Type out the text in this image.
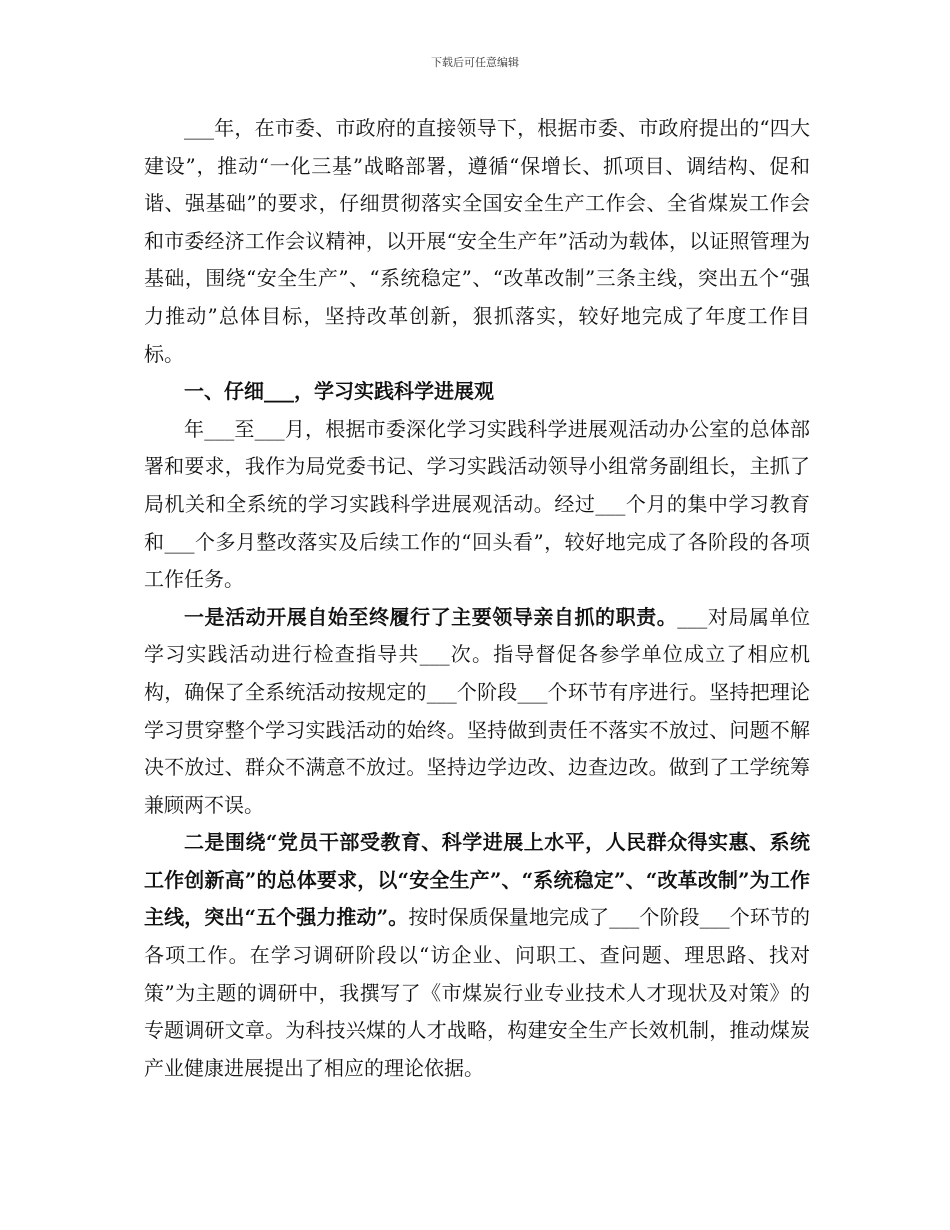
下载后可任意编辑

___年，在市委、市政府的直接领导下，根据市委、市政府提出的“四大建设”，推动“一化三基”战略部署，遵循“保增长、抓项目、调结构、促和谐、强基础”的要求，仔细贯彻落实全国安全生产工作会、全省煤炭工作会和市委经济工作会议精神，以开展“安全生产年”活动为载体，以证照管理为基础，围绕“安全生产”、“系统稳定”、“改革改制”三条主线，突出五个“强力推动”总体目标，坚持改革创新，狠抓落实，较好地完成了年度工作目标。

一、仔细___，学习实践科学进展观

年___至___月，根据市委深化学习实践科学进展观活动办公室的总体部署和要求，我作为局党委书记、学习实践活动领导小组常务副组长，主抓了局机关和全系统的学习实践科学进展观活动。经过___个月的集中学习教育和___个多月整改落实及后续工作的“回头看”，较好地完成了各阶段的各项工作任务。

一是活动开展自始至终履行了主要领导亲自抓的职责。___对局属单位学习实践活动进行检查指导共___次。指导督促各参学单位成立了相应机构，确保了全系统活动按规定的___个阶段___个环节有序进行。坚持把理论学习贯穿整个学习实践活动的始终。坚持做到责任不落实不放过、问题不解决不放过、群众不满意不放过。坚持边学边改、边查边改。做到了工学统筹兼顾两不误。

二是围绕“党员干部受教育、科学进展上水平，人民群众得实惠、系统工作创新高”的总体要求，以“安全生产”、“系统稳定”、“改革改制”为工作主线，突出“五个强力推动”。按时保质保量地完成了___个阶段___个环节的各项工作。在学习调研阶段以“访企业、问职工、查问题、理思路、找对策”为主题的调研中，我撰写了《市煤炭行业专业技术人才现状及对策》的专题调研文章。为科技兴煤的人才战略，构建安全生产长效机制，推动煤炭产业健康进展提出了相应的理论依据。
